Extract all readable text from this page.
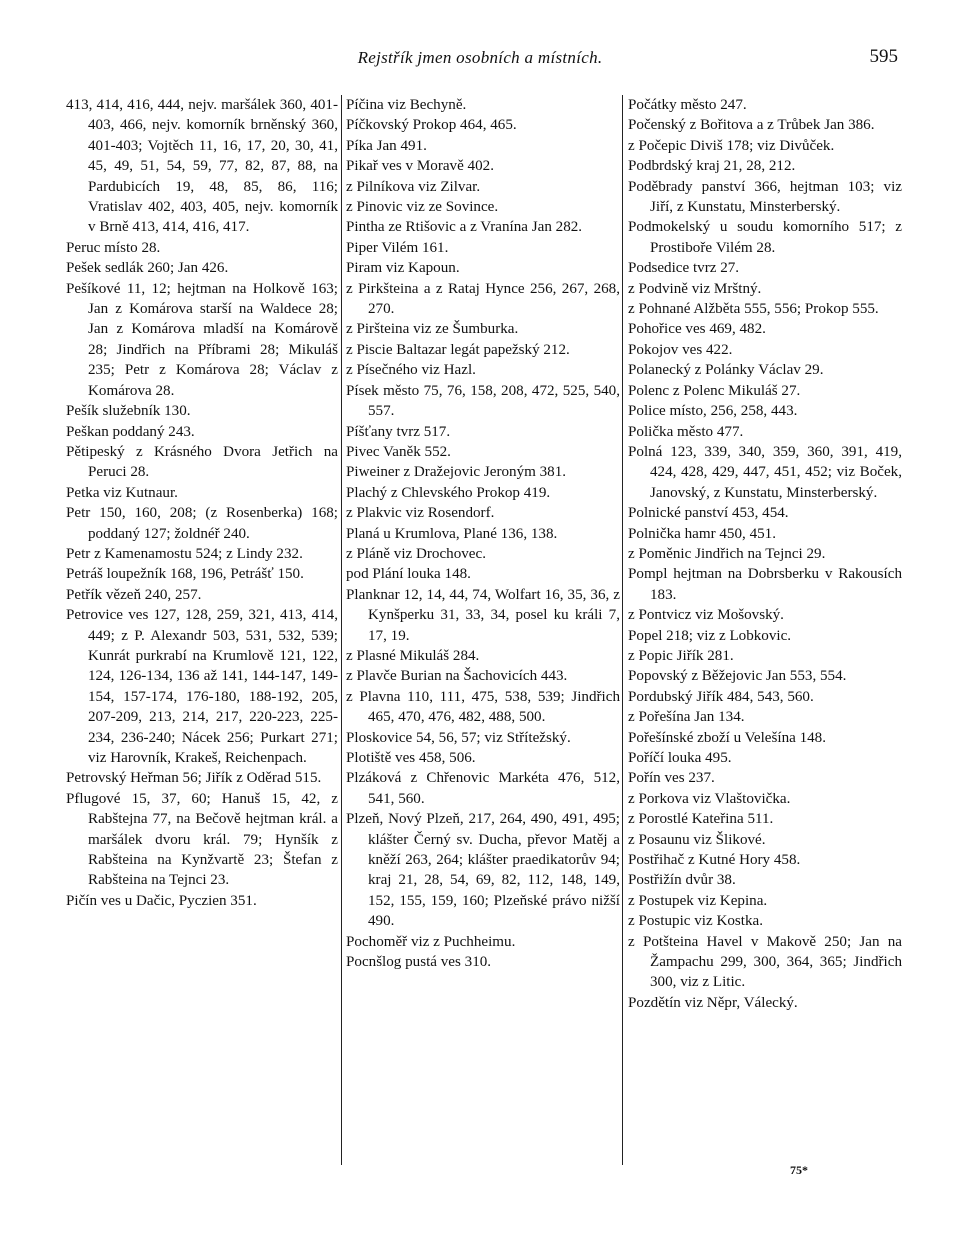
Rejstřík jmen osobních a místních.	595

413, 414, 416, 444, nejv. maršálek 360, 401-403, 466, nejv. komorník brněnský 360, 401-403; Vojtěch 11, 16, 17, 20, 30, 41, 45, 49, 51, 54, 59, 77, 82, 87, 88, na Pardubicích 19, 48, 85, 86, 116; Vratislav 402, 403, 405, nejv. komorník v Brně 413, 414, 416, 417.

Peruc místo 28.

Pešek sedlák 260; Jan 426.

Pešíkové 11, 12; hejtman na Holkově 163; Jan z Komárova starší na Waldece 28; Jan z Komárova mladší na Komárově 28; Jindřich na Příbrami 28; Mikuláš 235; Petr z Komárova 28; Václav z Komárova 28.

Pešík služebník 130.

Peškan poddaný 243.

Pětipeský z Krásného Dvora Jetřich na Peruci 28.

Petka viz Kutnaur.

Petr 150, 160, 208; (z Rosenberka) 168; poddaný 127; žoldnéř 240.

Petr z Kamenamostu 524; z Lindy 232.

Petráš loupežník 168, 196, Petrášť 150.

Petřík vězeň 240, 257.

Petrovice ves 127, 128, 259, 321, 413, 414, 449; z P. Alexandr 503, 531, 532, 539; Kunrát purkrabí na Krumlově 121, 122, 124, 126-134, 136 až 141, 144-147, 149-154, 157-174, 176-180, 188-192, 205, 207-209, 213, 214, 217, 220-223, 225-234, 236-240; Nácek 256; Purkart 271; viz Harovník, Krakeš, Reichenpach.

Petrovský Heřman 56; Jiřík z Oděrad 515.

Pflugové 15, 37, 60; Hanuš 15, 42, z Rabštejna 77, na Bečově hejtman král. a maršálek dvoru král. 79; Hynšík z Rabšteina na Kynžvartě 23; Štefan z Rabšteina na Tejnci 23.

Pičín ves u Dačic, Pyczien 351.

Píčina viz Bechyně.

Píčkovský Prokop 464, 465.

Píka Jan 491.

Pikař ves v Moravě 402.

z Pilníkova viz Zilvar.

z Pinovic viz ze Sovince.

Pintha ze Rtišovic a z Vranína Jan 282.

Piper Vilém 161.

Piram viz Kapoun.

z Pirkšteina a z Rataj Hynce 256, 267, 268, 270.

z Piršteina viz ze Šumburka.

z Piscie Baltazar legát papežský 212.

z Písečného viz Hazl.

Písek město 75, 76, 158, 208, 472, 525, 540, 557.

Píšťany tvrz 517.

Pivec Vaněk 552.

Piweiner z Dražejovic Jeroným 381.

Plachý z Chlevského Prokop 419.

z Plakvic viz Rosendorf.

Planá u Krumlova, Plané 136, 138.

z Pláně viz Drochovec.

pod Plání louka 148.

Planknar 12, 14, 44, 74, Wolfart 16, 35, 36, z Kynšperku 31, 33, 34, posel ku králi 7, 17, 19.

z Plasné Mikuláš 284.

z Plavče Burian na Šachovicích 443.

z Plavna 110, 111, 475, 538, 539; Jindřich 465, 470, 476, 482, 488, 500.

Ploskovice 54, 56, 57; viz Střítežský.

Plotiště ves 458, 506.

Plzáková z Chřenovic Markéta 476, 512, 541, 560.

Plzeň, Nový Plzeň, 217, 264, 490, 491, 495; klášter Černý sv. Ducha, převor Matěj a kněží 263, 264; klášter praedikatorův 94; kraj 21, 28, 54, 69, 82, 112, 148, 149, 152, 155, 159, 160; Plzeňské právo nižší 490.

Pochoměř viz z Puchheimu.

Pocnšlog pustá ves 310.

Počátky město 247.

Počenský z Bořitova a z Trůbek Jan 386.

z Počepic Diviš 178; viz Divůček.

Podbrdský kraj 21, 28, 212.

Poděbrady panství 366, hejtman 103; viz Jiří, z Kunstatu, Minsterberský.

Podmokelský u soudu komorního 517; z Prostibořе Vilém 28.

Podsedice tvrz 27.

z Podvině viz Mrštný.

z Pohnané Alžběta 555, 556; Prokop 555.

Pohořice ves 469, 482.

Pokojov ves 422.

Polanecký z Polánky Václav 29.

Polenc z Polenc Mikuláš 27.

Police místo, 256, 258, 443.

Polička město 477.

Polná 123, 339, 340, 359, 360, 391, 419, 424, 428, 429, 447, 451, 452; viz Boček, Janovský, z Kunstatu, Minsterberský.

Polnické panství 453, 454.

Polnička hamr 450, 451.

z Poměnic Jindřich na Tejnci 29.

Pompl hejtman na Dobrsberku v Rakousích 183.

z Pontvicz viz Mošovský.

Popel 218; viz z Lobkovic.

z Popic Jiřík 281.

Popovský z Běžejovic Jan 553, 554.

Pordubský Jiřík 484, 543, 560.

z Pořešína Jan 134.

Pořešínské zboží u Velešína 148.

Poříčí louka 495.

Pořín ves 237.

z Porkova viz Vlaštovička.

z Porostlé Kateřina 511.

z Posaunu viz Šlikové.

Postřihač z Kutné Hory 458.

Postřižín dvůr 38.

z Postupek viz Kepina.

z Postupic viz Kostka.

z Potšteina Havel v Makově 250; Jan na Žampachu 299, 300, 364, 365; Jindřich 300, viz z Litic.

Pozdětín viz Něpr, Válecký.

75*
